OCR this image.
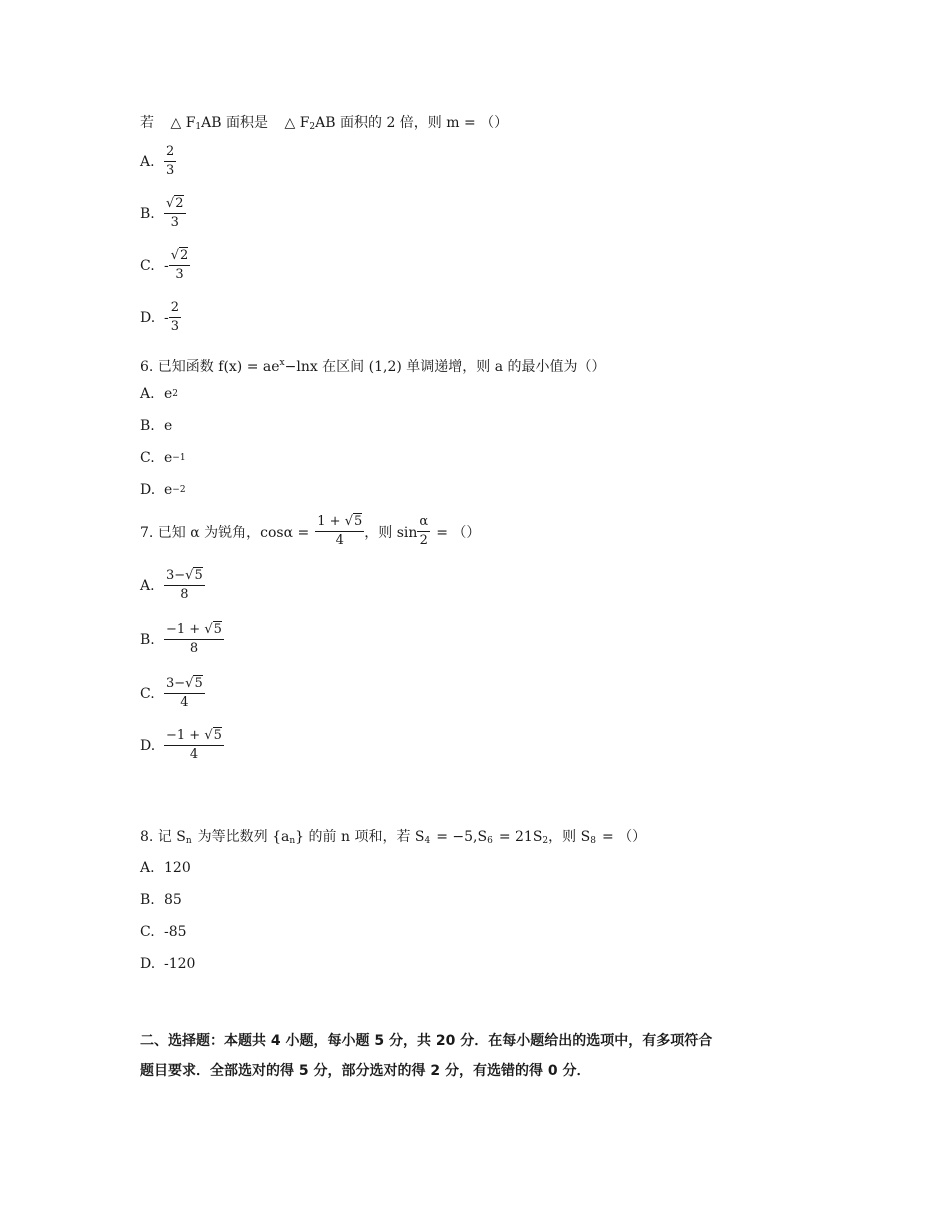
若 △ $F_1AB$ 面积是 △ $F_2AB$ 面积的 2 倍，则 m = （）
A. $\frac{2}{3}$
B. $\frac{√2}{3}$
C. - $\frac{√2}{3}$
D. - $\frac{2}{3}$
6. 已知函数 $f(x) = ae^x-\ln x$ 在区间 (1,2) 单调递增，则 a 的最小值为（）
A. e 2
B. e
C. e −1
D. e −2
7. 已知 α 为锐角，$\cos\alpha = \frac{1 + √5}{4}$ ，则 $\sin \frac{\alpha}{2}$ = （）
A. $\frac{3-√5}{8}$
B. $\frac{-1 + √5}{8}$
C. $\frac{3-√5}{4}$
D. $\frac{-1 + √5}{4}$
8. 记 $S_n$ 为等比数列 $\{a_n\}$ 的前 n 项和，若 $S_4 = -5,S_6 = 21S_2$，则 $S_8$ = （）
A. 120
B. 85
C. -85
D. -120
二、选择题：本题共 4 小题，每小题 5 分，共 20 分．在每小题给出的选项中，有多项符合
题目要求．全部选对的得 5 分，部分选对的得 2 分，有选错的得 0 分．
